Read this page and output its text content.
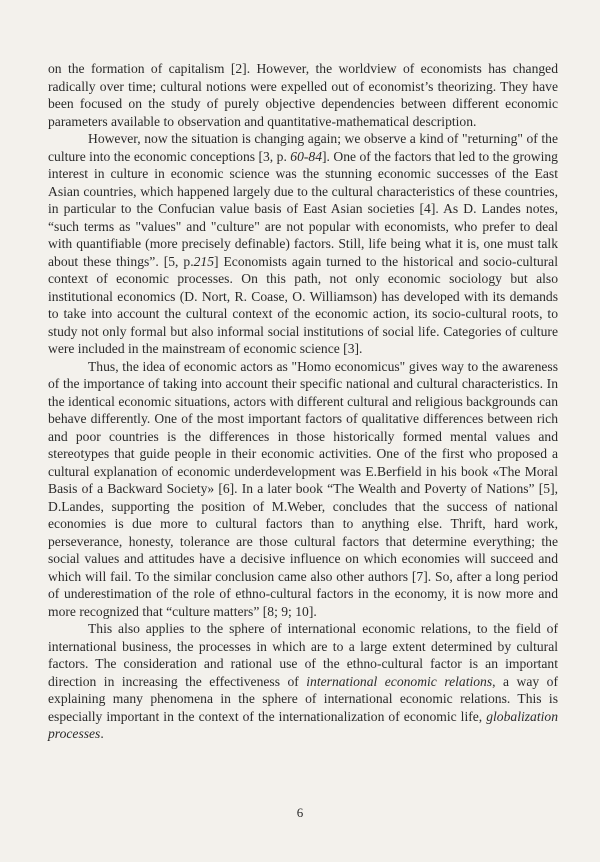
on the formation of capitalism [2]. However, the worldview of economists has changed radically over time; cultural notions were expelled out of economist’s theorizing. They have been focused on the study of purely objective dependencies between different economic parameters available to observation and quantitative-mathematical description.

However, now the situation is changing again; we observe a kind of "returning" of the culture into the economic conceptions [3, p. 60-84]. One of the factors that led to the growing interest in culture in economic science was the stunning economic successes of the East Asian countries, which happened largely due to the cultural characteristics of these countries, in particular to the Confucian value basis of East Asian societies [4]. As D. Landes notes, “such terms as "values" and "culture" are not popular with economists, who prefer to deal with quantifiable (more precisely definable) factors. Still, life being what it is, one must talk about these things”. [5, p.215] Economists again turned to the historical and socio-cultural context of economic processes. On this path, not only economic sociology but also institutional economics (D. Nort, R. Coase, O. Williamson) has developed with its demands to take into account the cultural context of the economic action, its socio-cultural roots, to study not only formal but also informal social institutions of social life. Categories of culture were included in the mainstream of economic science [3].

Thus, the idea of economic actors as "Homo economicus" gives way to the awareness of the importance of taking into account their specific national and cultural characteristics. In the identical economic situations, actors with different cultural and religious backgrounds can behave differently. One of the most important factors of qualitative differences between rich and poor countries is the differences in those historically formed mental values and stereotypes that guide people in their economic activities. One of the first who proposed a cultural explanation of economic underdevelopment was E.Berfield in his book «The Moral Basis of a Backward Society» [6]. In a later book “The Wealth and Poverty of Nations” [5], D.Landes, supporting the position of M.Weber, concludes that the success of national economies is due more to cultural factors than to anything else. Thrift, hard work, perseverance, honesty, tolerance are those cultural factors that determine everything; the social values and attitudes have a decisive influence on which economies will succeed and which will fail. To the similar conclusion came also other authors [7]. So, after a long period of underestimation of the role of ethno-cultural factors in the economy, it is now more and more recognized that “culture matters” [8; 9; 10].

This also applies to the sphere of international economic relations, to the field of international business, the processes in which are to a large extent determined by cultural factors. The consideration and rational use of the ethno-cultural factor is an important direction in increasing the effectiveness of international economic relations, a way of explaining many phenomena in the sphere of international economic relations. This is especially important in the context of the internationalization of economic life, globalization processes.

6
